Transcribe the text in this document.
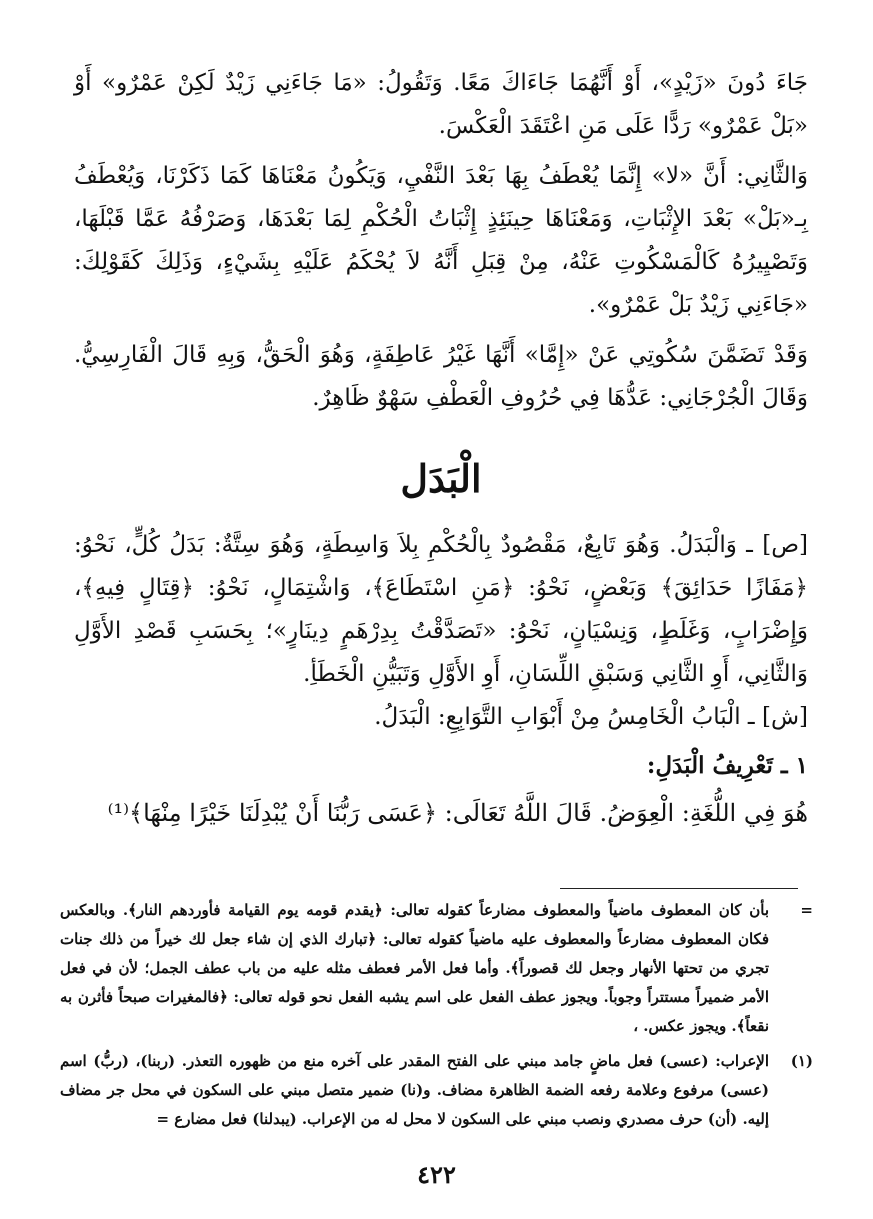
جَاءَ دُونَ «زَيْدٍ»، أَوْ أَنَّهُمَا جَاءَاكَ مَعًا. وَتَقُولُ: «مَا جَاءَنِي زَيْدٌ لَكِنْ عَمْرٌو» أَوْ «بَلْ عَمْرٌو» رَدًّا عَلَى مَنِ اعْتَقَدَ الْعَكْسَ.

وَالثَّانِي: أَنَّ «لا» إِنَّمَا يُعْطَفُ بِهَا بَعْدَ النَّفْيِ، وَيَكُونُ مَعْنَاهَا كَمَا ذَكَرْنَا، وَيُعْطَفُ بِـ«بَلْ» بَعْدَ الإِثْبَاتِ، وَمَعْنَاهَا حِينَئِذٍ إِثْبَاتُ الْحُكْمِ لِمَا بَعْدَهَا، وَصَرْفُهُ عَمَّا قَبْلَهَا، وَتَصْيِيرُهُ كَالْمَسْكُوتِ عَنْهُ، مِنْ قِبَلِ أَنَّهُ لاَ يُحْكَمُ عَلَيْهِ بِشَيْءٍ، وَذَلِكَ كَقَوْلِكَ: «جَاءَنِي زَيْدٌ بَلْ عَمْرٌو».

وَقَدْ تَضَمَّنَ سُكُوتِي عَنْ «إِمَّا» أَنَّهَا غَيْرُ عَاطِفَةٍ، وَهُوَ الْحَقُّ، وَبِهِ قَالَ الْفَارِسِيُّ. وَقَالَ الْجُرْجَانِي: عَدُّهَا فِي حُرُوفِ الْعَطْفِ سَهْوٌ ظَاهِرٌ.

الْبَدَل

[ص] ـ وَالْبَدَلُ. وَهُوَ تَابِعٌ، مَقْصُودٌ بِالْحُكْمِ بِلاَ وَاسِطَةٍ، وَهُوَ سِتَّةٌ: بَدَلُ كُلٍّ، نَحْوُ: ﴿مَفَازًا حَدَائِقَ﴾ وَبَعْضٍ، نَحْوُ: ﴿مَنِ اسْتَطَاعَ﴾، وَاشْتِمَالٍ، نَحْوُ: ﴿قِتَالٍ فِيهِ﴾، وَإِضْرَابٍ، وَغَلَطٍ، وَنِسْيَانٍ، نَحْوُ: «تَصَدَّقْتُ بِدِرْهَمٍ دِينَارٍ»؛ بِحَسَبِ قَصْدِ الأَوَّلِ وَالثَّانِي، أَوِ الثَّانِي وَسَبْقِ اللِّسَانِ، أَوِ الأَوَّلِ وَتَبَيُّنِ الْخَطَأِ.

[ش] ـ الْبَابُ الْخَامِسُ مِنْ أَبْوَابِ التَّوَابِعِ: الْبَدَلُ.

١ ـ تَعْرِيفُ الْبَدَلِ:

هُوَ فِي اللُّغَةِ: الْعِوَضُ. قَالَ اللَّهُ تَعَالَى: ﴿عَسَى رَبُّنَا أَنْ يُبْدِلَنَا خَيْرًا مِنْهَا﴾⁽¹⁾

=
بأن كان المعطوف ماضياً والمعطوف مضارعاً كقوله تعالى: ﴿يقدم قومه يوم القيامة فأوردهم النار﴾. وبالعكس فكان المعطوف مضارعاً والمعطوف عليه ماضياً كقوله تعالى: ﴿تبارك الذي إن شاء جعل لك خيراً من ذلك جنات تجري من تحتها الأنهار وجعل لك قصوراً﴾. وأما فعل الأمر فعطف مثله عليه من باب عطف الجمل؛ لأن في فعل الأمر ضميراً مستتراً وجوباً. ويجوز عطف الفعل على اسم يشبه الفعل نحو قوله تعالى: ﴿فالمغيرات صبحاً فأثرن به نقعاً﴾. ويجوز عكس. ،

(١)
الإعراب: (عسى) فعل ماضٍ جامد مبني على الفتح المقدر على آخره منع من ظهوره التعذر. (ربنا)، (ربُّ) اسم (عسى) مرفوع وعلامة رفعه الضمة الظاهرة مضاف. و(نا) ضمير متصل مبني على السكون في محل جر مضاف إليه. (أن) حرف مصدري ونصب مبني على السكون لا محل له من الإعراب. (يبدلنا) فعل مضارع =

٤٢٢
